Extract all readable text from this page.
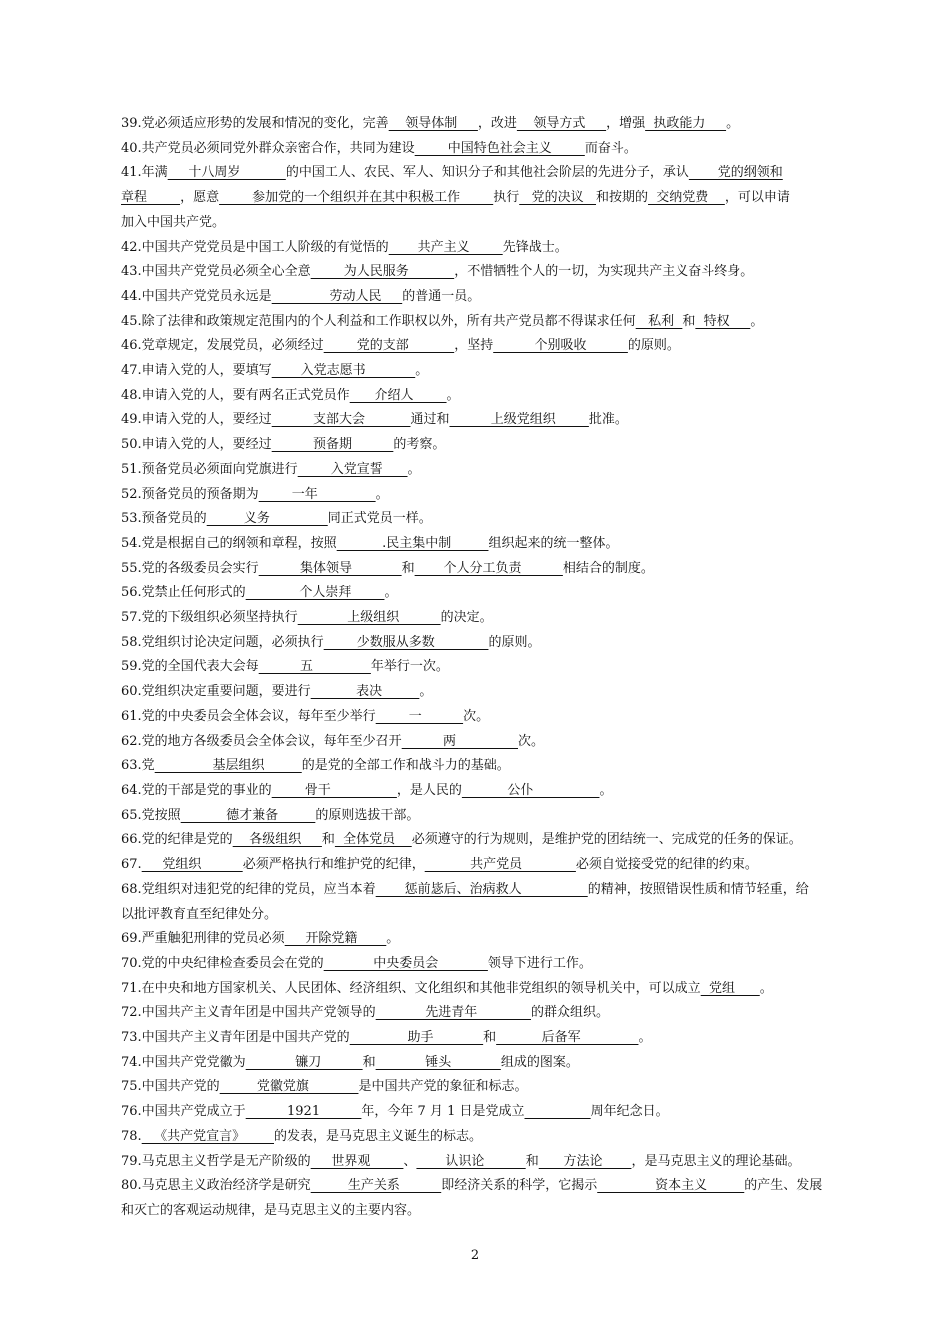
39.党必须适应形势的发展和情况的变化，完善    领导体制     ，改进    领导方式     ，增强  执政能力     。
40.共产党员必须同党外群众亲密合作，共同为建设        中国特色社会主义        而奋斗。
41.年满     十八周岁           的中国工人、农民、军人、知识分子和其他社会阶层的先进分子，承认       党的纲领和
章程        ，愿意        参加党的一个组织并在其中积极工作        执行   党的决议   和按期的  交纳党费    ，可以申请
加入中国共产党。
42.中国共产党党员是中国工人阶级的有觉悟的       共产主义        先锋战士。
43.中国共产党党员必须全心全意        为人民服务           ，不惜牺牲个人的一切，为实现共产主义奋斗终身。
44.中国共产党党员永远是              劳动人民     的普通一员。
45.除了法律和政策规定范围内的个人利益和工作职权以外，所有共产党员都不得谋求任何   私利  和  特权     。
46.党章规定，发展党员，必须经过        党的支部           ，坚持          个别吸收          的原则。
47.申请入党的人，要填写       入党志愿书            。
48.申请入党的人，要有两名正式党员作      介绍人        。
49.申请入党的人，要经过          支部大会           通过和          上级党组织        批准。
50.申请入党的人，要经过          预备期          的考察。
51.预备党员必须面向党旗进行        入党宣誓      。
52.预备党员的预备期为        一年              。
53.预备党员的         义务              同正式党员一样。
54.党是根据自己的纲领和章程，按照           .民主集中制         组织起来的统一整体。
55.党的各级委员会实行          集体领导            和       个人分工负责          相结合的制度。
56.党禁止任何形式的             个人崇拜        。
57.党的下级组织必须坚持执行            上级组织          的决定。
58.党组织讨论决定问题，必须执行        少数服从多数             的原则。
59.党的全国代表大会每          五              年举行一次。
60.党组织决定重要问题，要进行           表决         。
61.党的中央委员会全体会议，每年至少举行        一          次。
62.党的地方各级委员会全体会议，每年至少召开          两               次。
63.党              基层组织         的是党的全部工作和战斗力的基础。
64.党的干部是党的事业的        骨干                ，是人民的           公仆                。
65.党按照           德才兼备         的原则选拔干部。
66.党的纪律是党的    各级组织     和  全体党员    必须遵守的行为规则，是维护党的团结统一、完成党的任务的保证。
67.     党组织          必须严格执行和维护党的纪律，           共产党员             必须自觉接受党的纪律的约束。
68.党组织对违犯党的纪律的党员，应当本着       惩前毖后、治病救人                的精神，按照错误性质和情节轻重，给
以批评教育直至纪律处分。
69.严重触犯刑律的党员必须     开除党籍       。
70.党的中央纪律检查委员会在党的            中央委员会            领导下进行工作。
71.在中央和地方国家机关、人民团体、经济组织、文化组织和其他非党组织的领导机关中，可以成立  党组      。
72.中国共产主义青年团是中国共产党领导的            先进青年             的群众组织。
73.中国共产主义青年团是中国共产党的              助手            和           后备军              。
74.中国共产党党徽为            镰刀          和            锤头            组成的图案。
75.中国共产党的         党徽党旗            是中国共产党的象征和标志。
76.中国共产党成立于          1921          年，今年 7 月 1 日是党成立	周年纪念日。
78.   《共产党宣言》       的发表，是马克思主义诞生的标志。
79.马克思主义哲学是无产阶级的     世界观        、       认识论          和      方法论       ，是马克思主义的理论基础。
80.马克思主义政治经济学是研究         生产关系          即经济关系的科学，它揭示              资本主义         的产生、发展
和灭亡的客观运动规律，是马克思主义的主要内容。
2
